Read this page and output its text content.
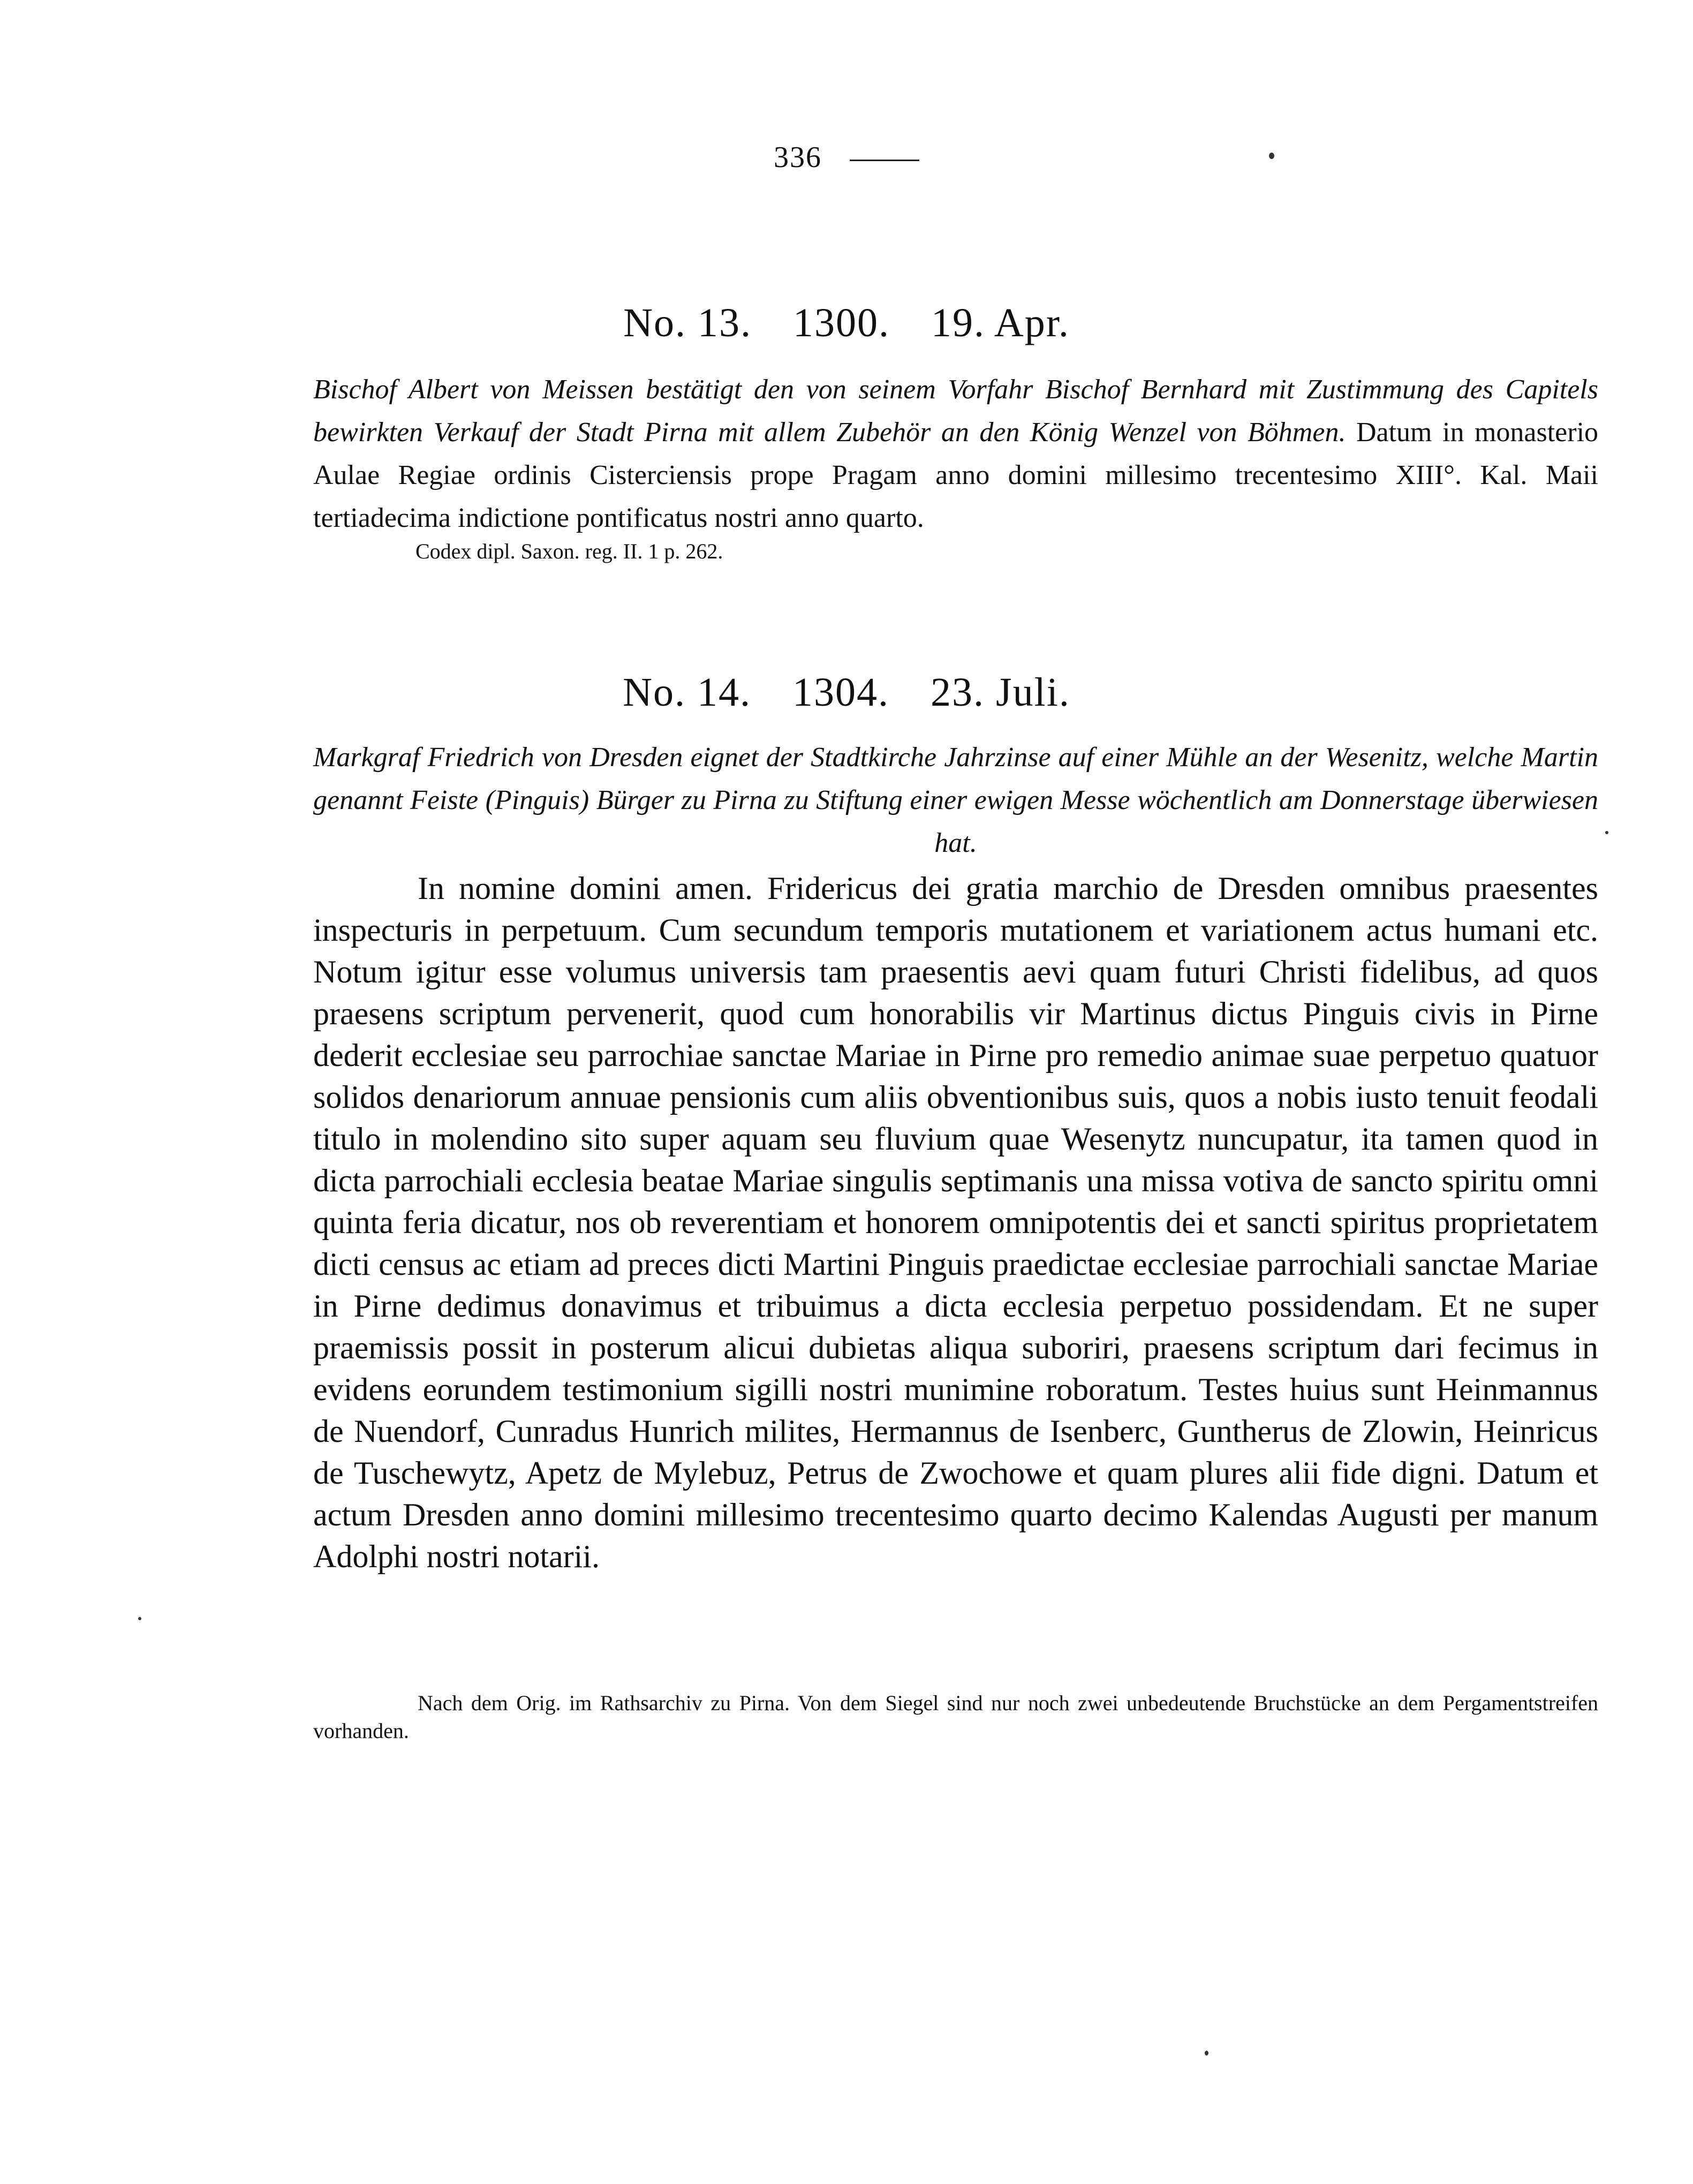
336
No. 13. 1300. 19. Apr.
Bischof Albert von Meissen bestätigt den von seinem Vorfahr Bischof Bernhard mit Zustimmung des Capitels bewirkten Verkauf der Stadt Pirna mit allem Zubehör an den König Wenzel von Böhmen. Datum in monasterio Aulae Regiae ordinis Cisterciensis prope Pragam anno domini millesimo trecentesimo XIII°. Kal. Maii tertiadecima indictione pontificatus nostri anno quarto.
Codex dipl. Saxon. reg. II. 1 p. 262.
No. 14. 1304. 23. Juli.
Markgraf Friedrich von Dresden eignet der Stadtkirche Jahrzinse auf einer Mühle an der Wesenitz, welche Martin genannt Feiste (Pinguis) Bürger zu Pirna zu Stiftung einer ewigen Messe wöchentlich am Donnerstage überwiesen hat.
In nomine domini amen. Fridericus dei gratia marchio de Dresden omnibus praesentes inspecturis in perpetuum. Cum secundum temporis mutationem et variationem actus humani etc. Notum igitur esse volumus universis tam praesentis aevi quam futuri Christi fidelibus, ad quos praesens scriptum pervenerit, quod cum honorabilis vir Martinus dictus Pinguis civis in Pirne dederit ecclesiae seu parrochiae sanctae Mariae in Pirne pro remedio animae suae perpetuo quatuor solidos denariorum annuae pensionis cum aliis obventionibus suis, quos a nobis iusto tenuit feodali titulo in molendino sito super aquam seu fluvium quae Wesenytz nuncupatur, ita tamen quod in dicta parrochiali ecclesia beatae Mariae singulis septimanis una missa votiva de sancto spiritu omni quinta feria dicatur, nos ob reverentiam et honorem omnipotentis dei et sancti spiritus proprietatem dicti census ac etiam ad preces dicti Martini Pinguis praedictae ecclesiae parrochiali sanctae Mariae in Pirne dedimus donavimus et tribuimus a dicta ecclesia perpetuo possidendam. Et ne super praemissis possit in posterum alicui dubietas aliqua suboriri, praesens scriptum dari fecimus in evidens eorundem testimonium sigilli nostri munimine roboratum. Testes huius sunt Heinmannus de Nuendorf, Cunradus Hunrich milites, Hermannus de Isenberc, Guntherus de Zlowin, Heinricus de Tuschewytz, Apetz de Mylebuz, Petrus de Zwochowe et quam plures alii fide digni. Datum et actum Dresden anno domini millesimo trecentesimo quarto decimo Kalendas Augusti per manum Adolphi nostri notarii.
Nach dem Orig. im Rathsarchiv zu Pirna. Von dem Siegel sind nur noch zwei unbedeutende Bruchstücke an dem Pergamentstreifen vorhanden.
